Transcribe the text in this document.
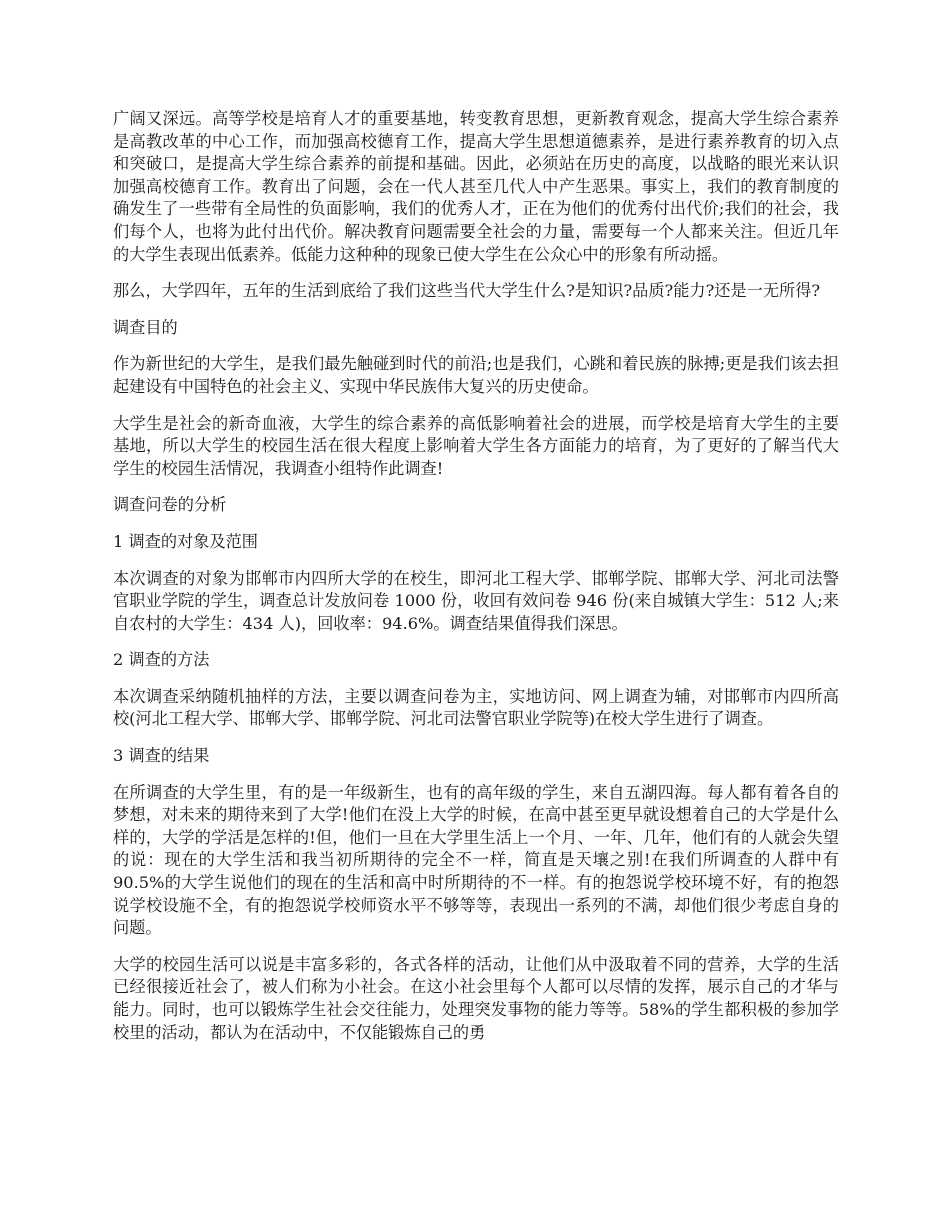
广阔又深远。高等学校是培育人才的重要基地，转变教育思想，更新教育观念，提高大学生综合素养是高教改革的中心工作，而加强高校德育工作，提高大学生思想道德素养，是进行素养教育的切入点和突破口，是提高大学生综合素养的前提和基础。因此，必须站在历史的高度，以战略的眼光来认识加强高校德育工作。教育出了问题，会在一代人甚至几代人中产生恶果。事实上，我们的教育制度的确发生了一些带有全局性的负面影响，我们的优秀人才，正在为他们的优秀付出代价;我们的社会，我们每个人，也将为此付出代价。解决教育问题需要全社会的力量，需要每一个人都来关注。但近几年的大学生表现出低素养。低能力这种种的现象已使大学生在公众心中的形象有所动摇。

那么，大学四年，五年的生活到底给了我们这些当代大学生什么?是知识?品质?能力?还是一无所得?

调查目的

作为新世纪的大学生，是我们最先触碰到时代的前沿;也是我们，心跳和着民族的脉搏;更是我们该去担起建设有中国特色的社会主义、实现中华民族伟大复兴的历史使命。

大学生是社会的新奇血液，大学生的综合素养的高低影响着社会的进展，而学校是培育大学生的主要基地，所以大学生的校园生活在很大程度上影响着大学生各方面能力的培育，为了更好的了解当代大学生的校园生活情况，我调查小组特作此调查!

调查问卷的分析

1 调查的对象及范围

本次调查的对象为邯郸市内四所大学的在校生，即河北工程大学、邯郸学院、邯郸大学、河北司法警官职业学院的学生，调查总计发放问卷 1000 份，收回有效问卷 946 份(来自城镇大学生：512 人;来自农村的大学生：434 人)，回收率：94.6%。调查结果值得我们深思。

2 调查的方法

本次调查采纳随机抽样的方法，主要以调查问卷为主，实地访问、网上调查为辅，对邯郸市内四所高校(河北工程大学、邯郸大学、邯郸学院、河北司法警官职业学院等)在校大学生进行了调查。

3 调查的结果

在所调查的大学生里，有的是一年级新生，也有的高年级的学生，来自五湖四海。每人都有着各自的梦想，对未来的期待来到了大学!他们在没上大学的时候，在高中甚至更早就设想着自己的大学是什么样的，大学的学活是怎样的!但，他们一旦在大学里生活上一个月、一年、几年，他们有的人就会失望的说：现在的大学生活和我当初所期待的完全不一样，简直是天壤之别!在我们所调查的人群中有 90.5%的大学生说他们的现在的生活和高中时所期待的不一样。有的抱怨说学校环境不好，有的抱怨说学校设施不全，有的抱怨说学校师资水平不够等等，表现出一系列的不满，却他们很少考虑自身的问题。

大学的校园生活可以说是丰富多彩的，各式各样的活动，让他们从中汲取着不同的营养，大学的生活已经很接近社会了，被人们称为小社会。在这小社会里每个人都可以尽情的发挥，展示自己的才华与能力。同时，也可以锻炼学生社会交往能力，处理突发事物的能力等等。58%的学生都积极的参加学校里的活动，都认为在活动中，不仅能锻炼自己的勇
